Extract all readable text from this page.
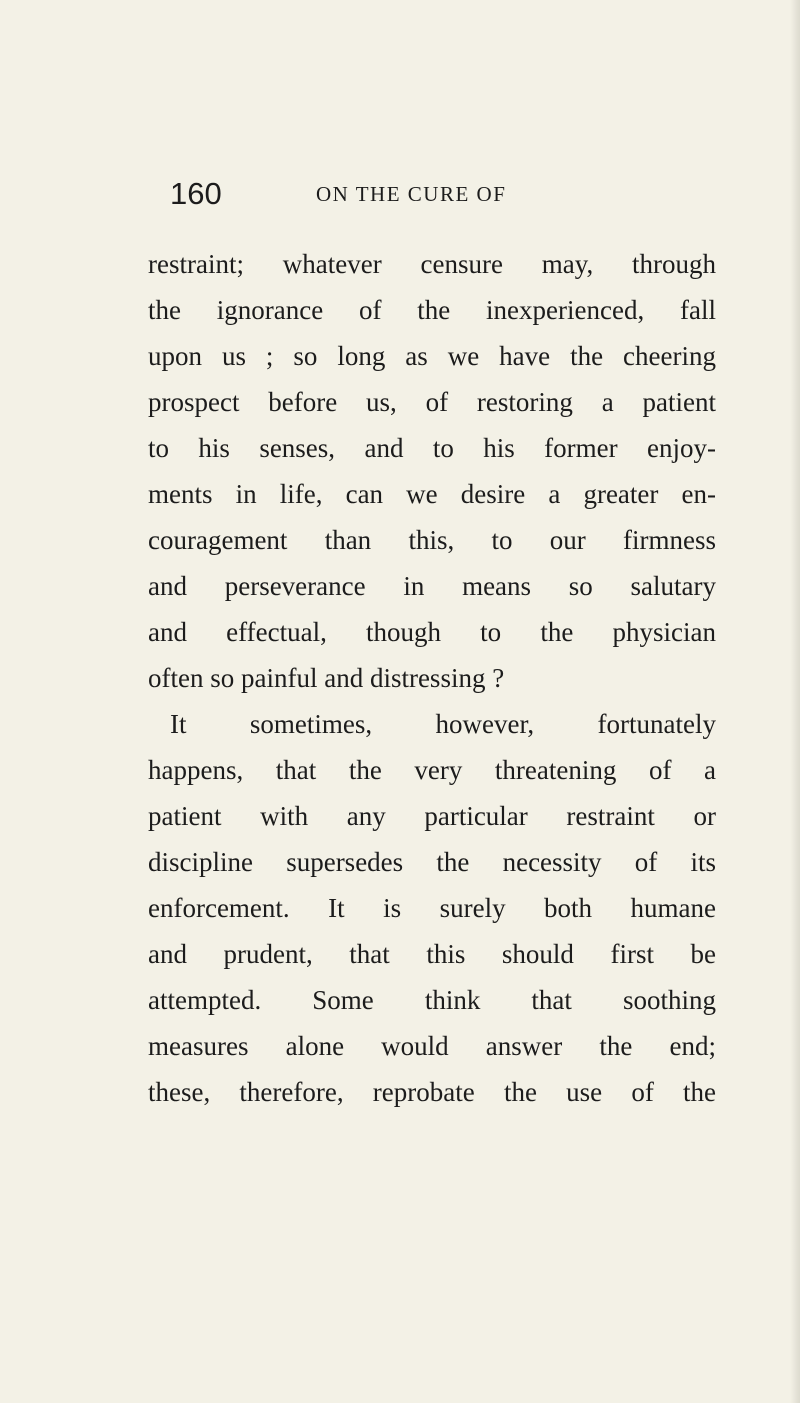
160	ON THE CURE OF
restraint; whatever censure may, through
the ignorance of the inexperienced, fall
upon us ; so long as we have the cheering
prospect before us, of restoring a patient
to his senses, and to his former enjoy-
ments in life, can we desire a greater en-
couragement than this, to our firmness
and perseverance in means so salutary
and effectual, though to the physician
often so painful and distressing ?
It sometimes, however, fortunately
happens, that the very threatening of a
patient with any particular restraint or
discipline supersedes the necessity of its
enforcement. It is surely both humane
and prudent, that this should first be
attempted. Some think that soothing
measures alone would answer the end;
these, therefore, reprobate the use of the
